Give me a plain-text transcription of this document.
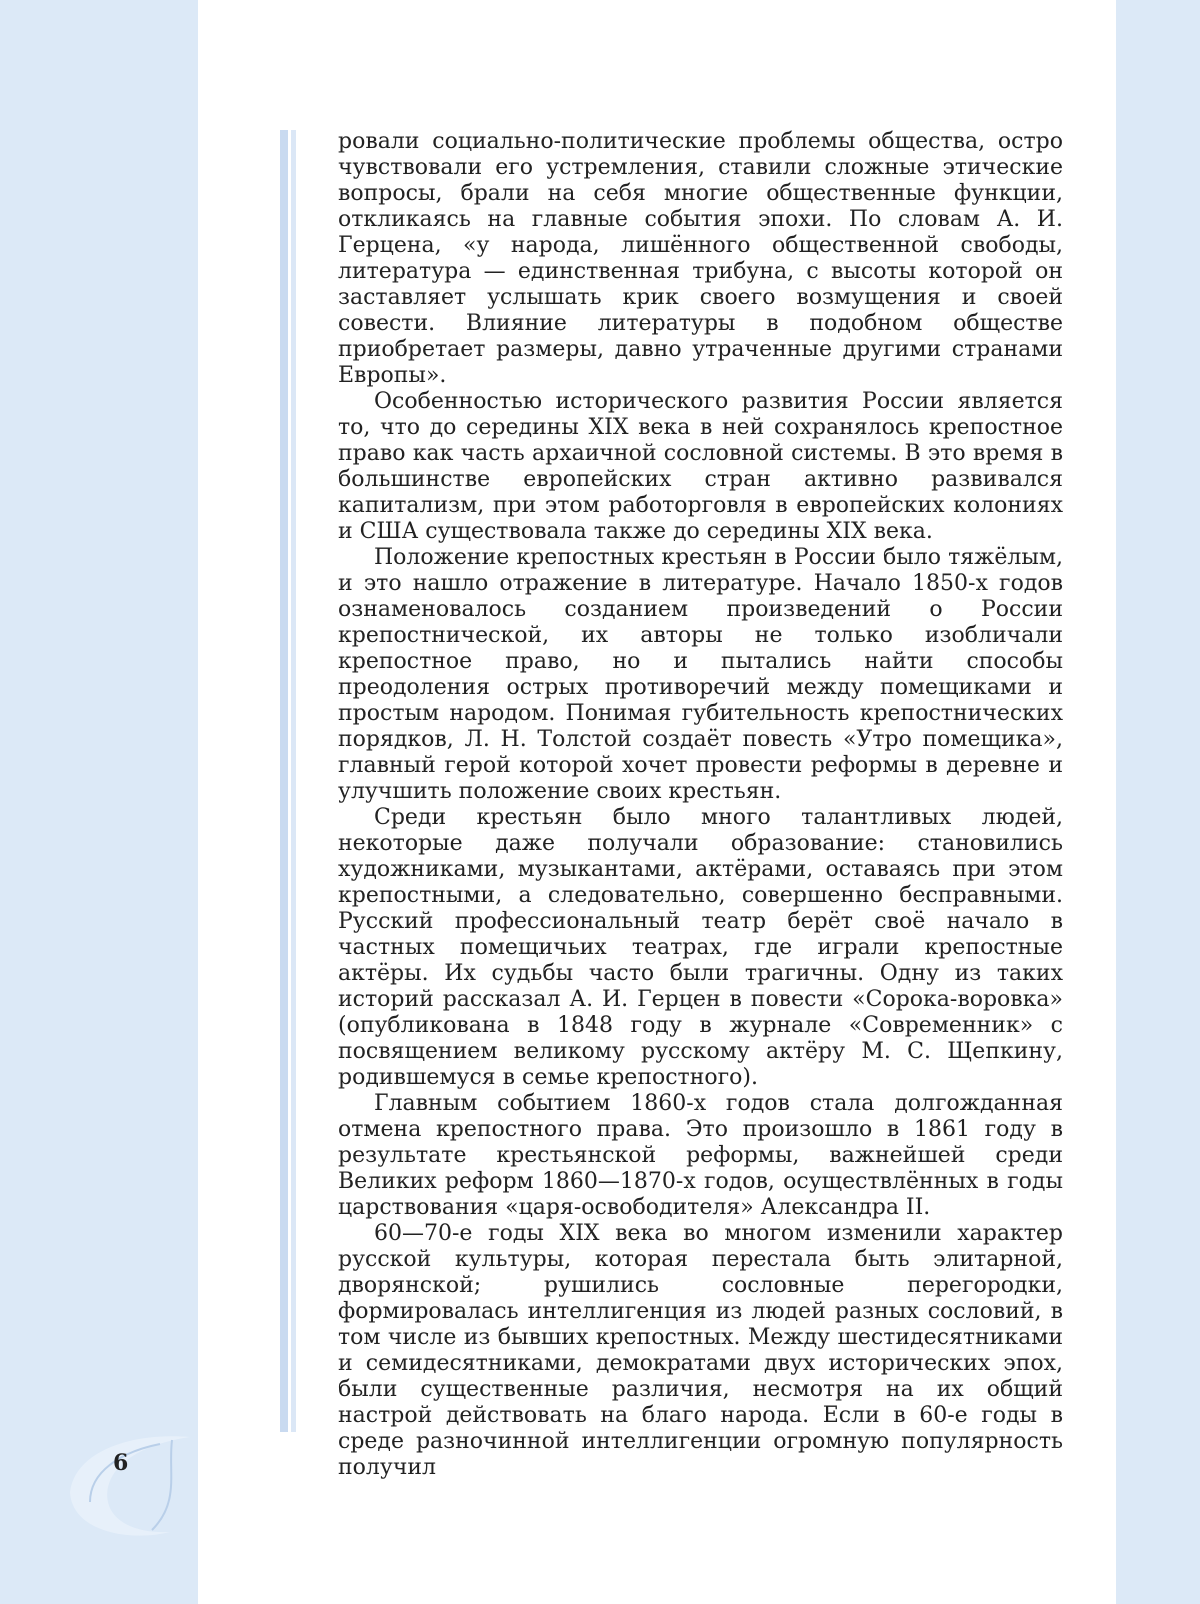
ровали социально-политические проблемы общества, остро чувствовали его устремления, ставили сложные этические вопросы, брали на себя многие общественные функции, откликаясь на главные события эпохи. По словам А. И. Герцена, «у народа, лишённого общественной свободы, литература — единственная трибуна, с высоты которой он заставляет услышать крик своего возмущения и своей совести. Влияние литературы в подобном обществе приобретает размеры, давно утраченные другими странами Европы».

Особенностью исторического развития России является то, что до середины XIX века в ней сохранялось крепостное право как часть архаичной сословной системы. В это время в большинстве европейских стран активно развивался капитализм, при этом работорговля в европейских колониях и США существовала также до середины XIX века.

Положение крепостных крестьян в России было тяжёлым, и это нашло отражение в литературе. Начало 1850-х годов ознаменовалось созданием произведений о России крепостнической, их авторы не только изобличали крепостное право, но и пытались найти способы преодоления острых противоречий между помещиками и простым народом. Понимая губительность крепостнических порядков, Л. Н. Толстой создаёт повесть «Утро помещика», главный герой которой хочет провести реформы в деревне и улучшить положение своих крестьян.

Среди крестьян было много талантливых людей, некоторые даже получали образование: становились художниками, музыкантами, актёрами, оставаясь при этом крепостными, а следовательно, совершенно бесправными. Русский профессиональный театр берёт своё начало в частных помещичьих театрах, где играли крепостные актёры. Их судьбы часто были трагичны. Одну из таких историй рассказал А. И. Герцен в повести «Сорока-воровка» (опубликована в 1848 году в журнале «Современник» с посвящением великому русскому актёру М. С. Щепкину, родившемуся в семье крепостного).

Главным событием 1860-х годов стала долгожданная отмена крепостного права. Это произошло в 1861 году в результате крестьянской реформы, важнейшей среди Великих реформ 1860—1870-х годов, осуществлённых в годы царствования «царя-освободителя» Александра II.

60—70-е годы XIX века во многом изменили характер русской культуры, которая перестала быть элитарной, дворянской; рушились сословные перегородки, формировалась интеллигенция из людей разных сословий, в том числе из бывших крепостных. Между шестидесятниками и семидесятниками, демократами двух исторических эпох, были существенные различия, несмотря на их общий настрой действовать на благо народа. Если в 60-е годы в среде разночинной интеллигенции огромную популярность получил

6
